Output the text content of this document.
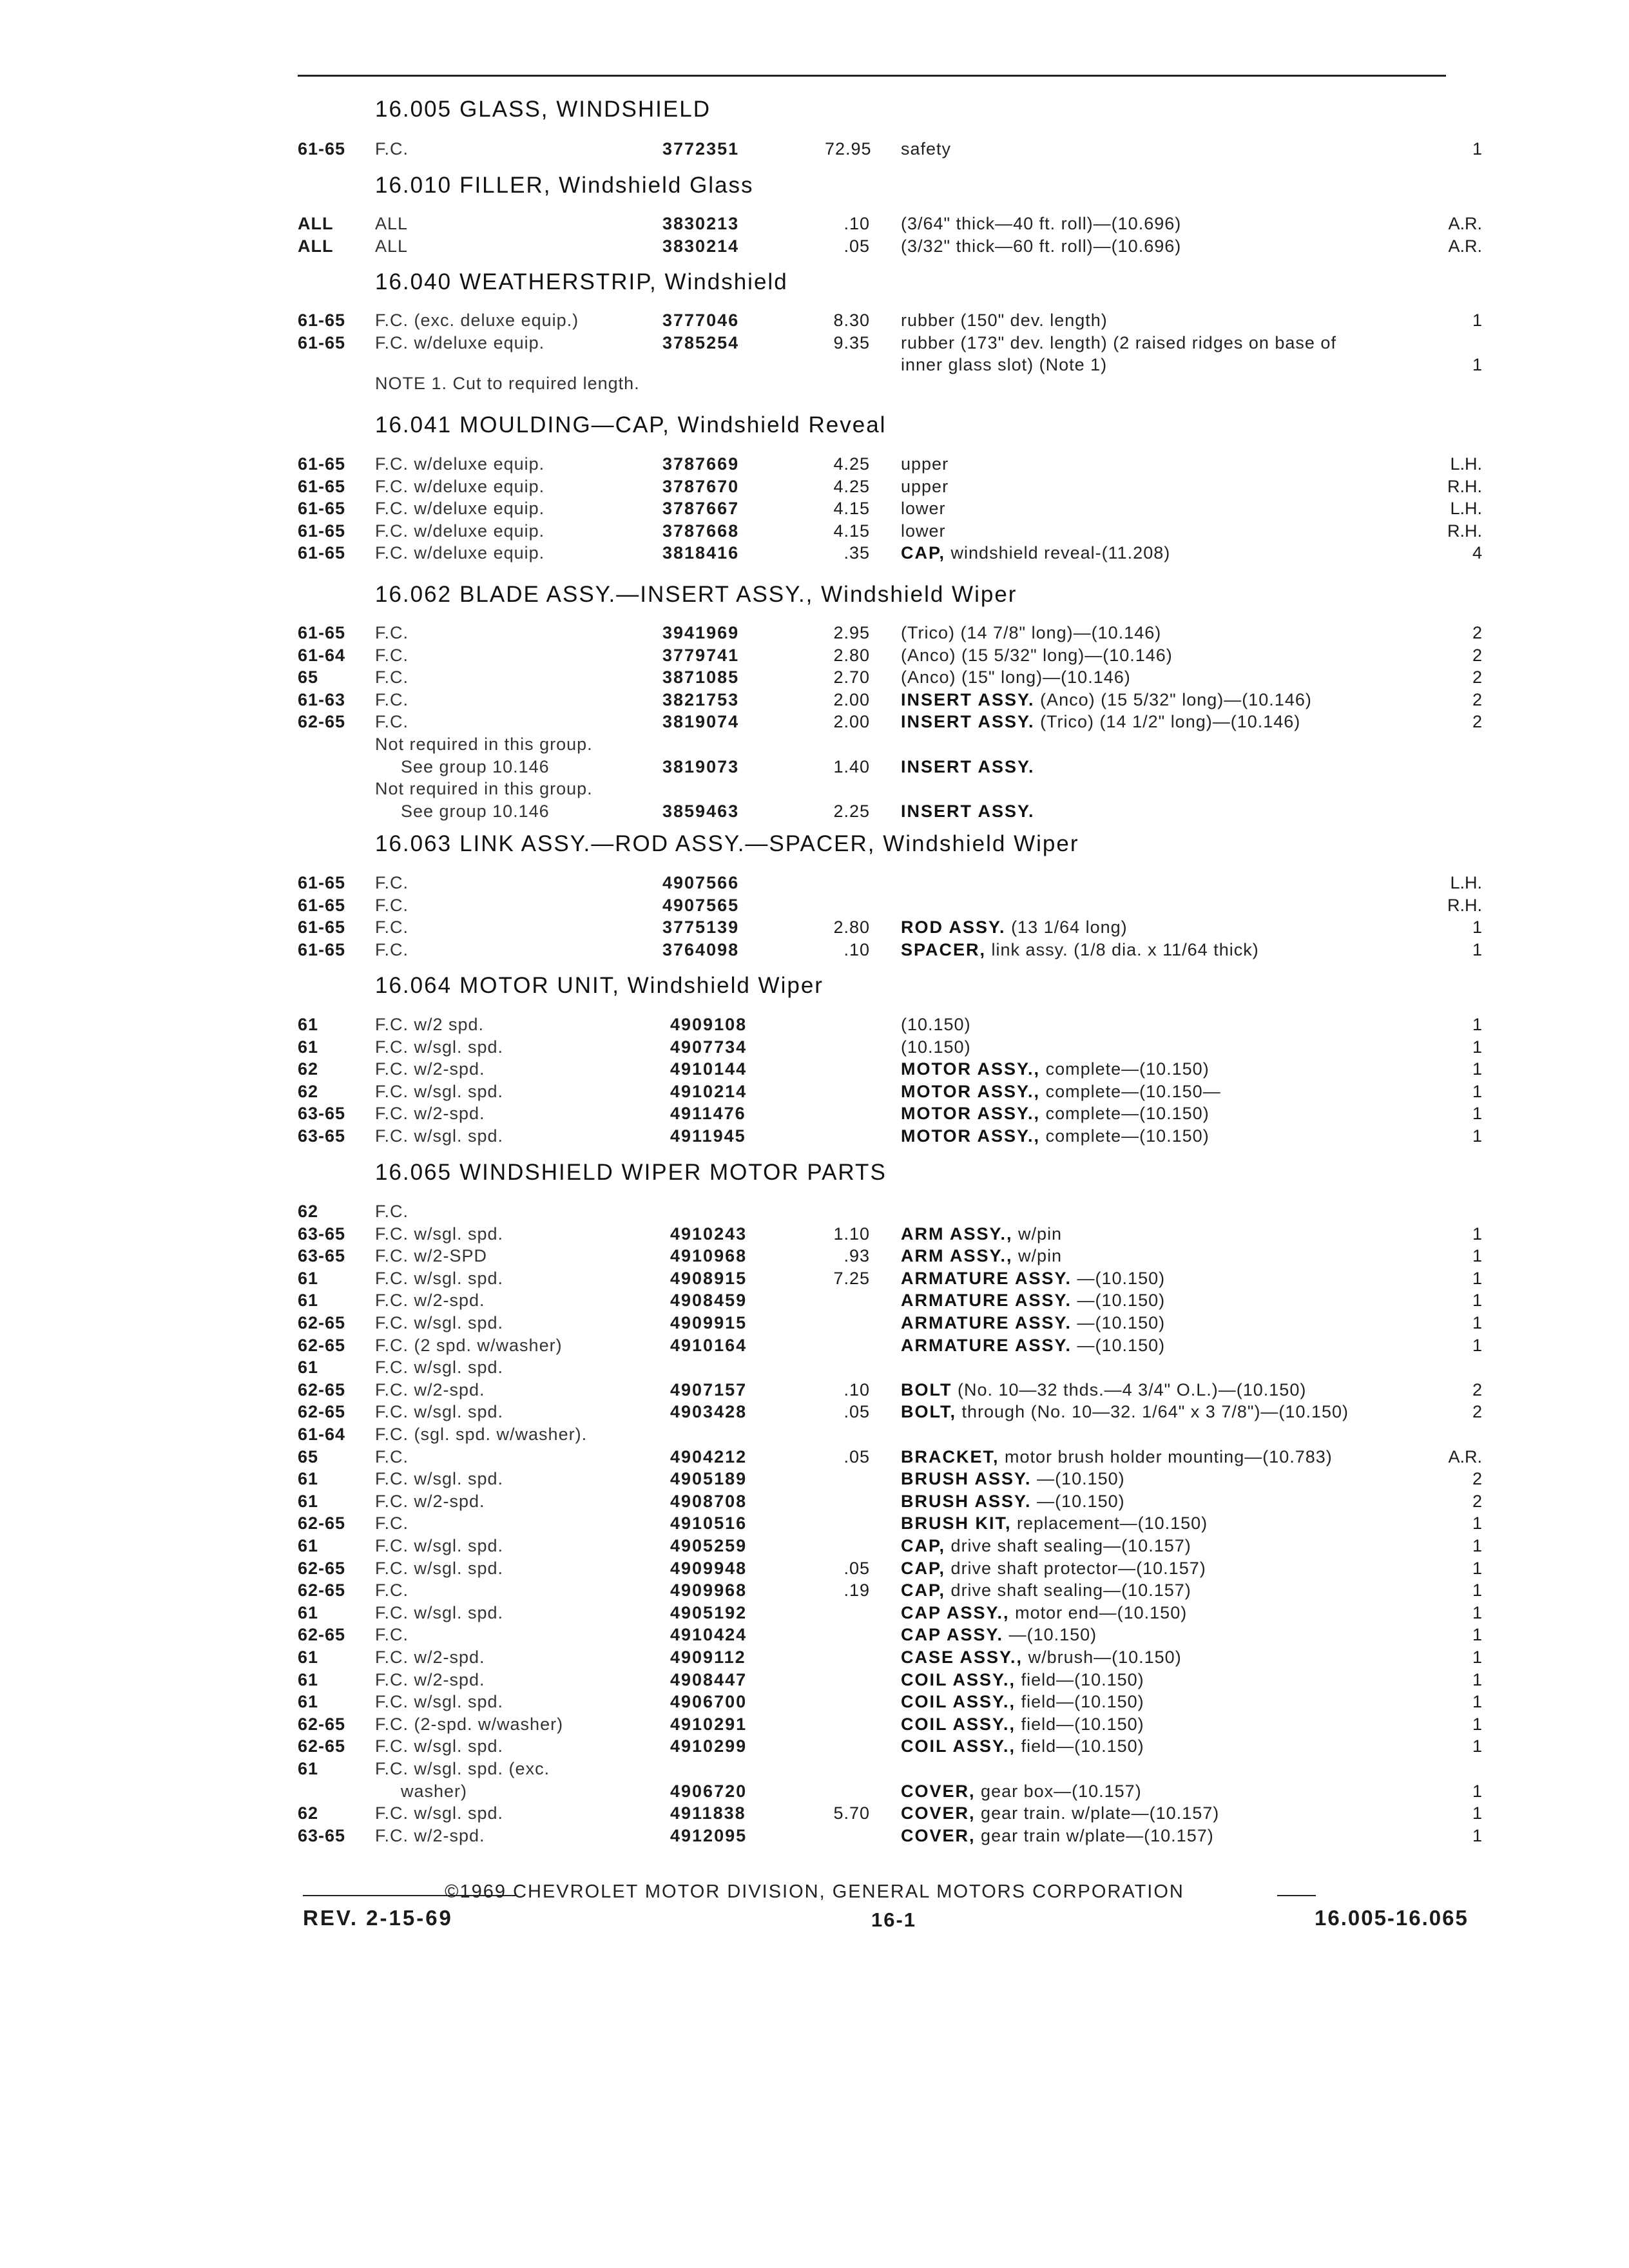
16.005 GLASS, WINDSHIELD
61-65 F.C.	3772351	72.95 safety	1
16.010 FILLER, Windshield Glass
ALL ALL	3830213	.10 (3/64" thick—40 ft. roll)—(10.696)	A.R.
ALL ALL	3830214	.05 (3/32" thick—60 ft. roll)—(10.696)	A.R.
16.040 WEATHERSTRIP, Windshield
61-65 F.C. (exc. deluxe equip.)	3777046	8.30 rubber (150" dev. length)	1
61-65 F.C. w/deluxe equip.	3785254	9.35 rubber (173" dev. length) (2 raised ridges on base of
inner glass slot) (Note 1)	1
NOTE 1. Cut to required length.
16.041 MOULDING—CAP, Windshield Reveal
61-65 F.C. w/deluxe equip.	3787669	4.25 upper	L.H.
61-65 F.C. w/deluxe equip.	3787670	4.25 upper	R.H.
61-65 F.C. w/deluxe equip.	3787667	4.15 lower	L.H.
61-65 F.C. w/deluxe equip.	3787668	4.15 lower	R.H.
61-65 F.C. w/deluxe equip.	3818416	.35 CAP, windshield reveal-(11.208)	4
16.062 BLADE ASSY.—INSERT ASSY., Windshield Wiper
61-65 F.C.	3941969	2.95 (Trico) (14 7/8" long)—(10.146)	2
61-64 F.C.	3779741	2.80 (Anco) (15 5/32" long)—(10.146)	2
65	F.C.	3871085	2.70 (Anco) (15" long)—(10.146)	2
61-63 F.C.	3821753	2.00 INSERT ASSY. (Anco) (15 5/32" long)—(10.146)	2
62-65 F.C.	3819074	2.00 INSERT ASSY. (Trico) (14 1/2" long)—(10.146)	2
Not required in this group.
See group 10.146	3819073	1.40 INSERT ASSY.
Not required in this group.
See group 10.146	3859463	2.25 INSERT ASSY.
16.063 LINK ASSY.—ROD ASSY.—SPACER, Windshield Wiper
61-65 F.C.	4907566	L.H.
61-65 F.C.	4907565	R.H.
61-65 F.C.	3775139	2.80 ROD ASSY. (13 1/64 long)	1
61-65 F.C.	3764098	.10 SPACER, link assy. (1/8 dia. x 11/64 thick)	1
16.064 MOTOR UNIT, Windshield Wiper
61	F.C. w/2 spd.	4909108	(10.150)	1
61	F.C. w/sgl. spd.	4907734	(10.150)	1
62	F.C. w/2-spd.	4910144	MOTOR ASSY., complete—(10.150)	1
62	F.C. w/sgl. spd.	4910214	MOTOR ASSY., complete—(10.150—	1
63-65 F.C. w/2-spd.	4911476	MOTOR ASSY., complete—(10.150)	1
63-65 F.C. w/sgl. spd.	4911945	MOTOR ASSY., complete—(10.150)	1
16.065 WINDSHIELD WIPER MOTOR PARTS
62	F.C.
63-65 F.C. w/sgl. spd.	4910243	1.10 ARM ASSY., w/pin	1
63-65 F.C. w/2-SPD	4910968	.93 ARM ASSY., w/pin	1
61	F.C. w/sgl. spd.	4908915	7.25 ARMATURE ASSY. —(10.150)	1
61	F.C. w/2-spd.	4908459	ARMATURE ASSY. —(10.150)	1
62-65 F.C. w/sgl. spd.	4909915	ARMATURE ASSY. —(10.150)	1
62-65 F.C. (2 spd. w/washer)	4910164	ARMATURE ASSY. —(10.150)	1
61	F.C. w/sgl. spd.
62-65 F.C. w/2-spd.	4907157	.10 BOLT (No. 10—32 thds.—4 3/4" O.L.)—(10.150)	2
62-65 F.C. w/sgl. spd.	4903428	.05 BOLT, through (No. 10—32. 1/64" x 3 7/8")—(10.150)	2
61-64 F.C. (sgl. spd. w/washer).
65	F.C.	4904212	.05 BRACKET, motor brush holder mounting—(10.783)	A.R.
61	F.C. w/sgl. spd.	4905189	BRUSH ASSY. —(10.150)	2
61	F.C. w/2-spd.	4908708	BRUSH ASSY. —(10.150)	2
62-65 F.C.	4910516	BRUSH KIT, replacement—(10.150)	1
61	F.C. w/sgl. spd.	4905259	CAP, drive shaft sealing—(10.157)	1
62-65 F.C. w/sgl. spd.	4909948	.05 CAP, drive shaft protector—(10.157)	1
62-65 F.C.	4909968	.19 CAP, drive shaft sealing—(10.157)	1
61	F.C. w/sgl. spd.	4905192	CAP ASSY., motor end—(10.150)	1
62-65 F.C.	4910424	CAP ASSY. —(10.150)	1
61	F.C. w/2-spd.	4909112	CASE ASSY., w/brush—(10.150)	1
61	F.C. w/2-spd.	4908447	COIL ASSY., field—(10.150)	1
61	F.C. w/sgl. spd.	4906700	COIL ASSY., field—(10.150)	1
62-65 F.C. (2-spd. w/washer)	4910291	COIL ASSY., field—(10.150)	1
62-65 F.C. w/sgl. spd.	4910299	COIL ASSY., field—(10.150)	1
61	F.C. w/sgl. spd. (exc.
washer)	4906720	COVER, gear box—(10.157)	1
62	F.C. w/sgl. spd.	4911838	5.70 COVER, gear train. w/plate—(10.157)	1
63-65 F.C. w/2-spd.	4912095	COVER, gear train w/plate—(10.157)	1
©1969 CHEVROLET MOTOR DIVISION, GENERAL MOTORS CORPORATION
REV. 2-15-69	16-1	16.005-16.065
